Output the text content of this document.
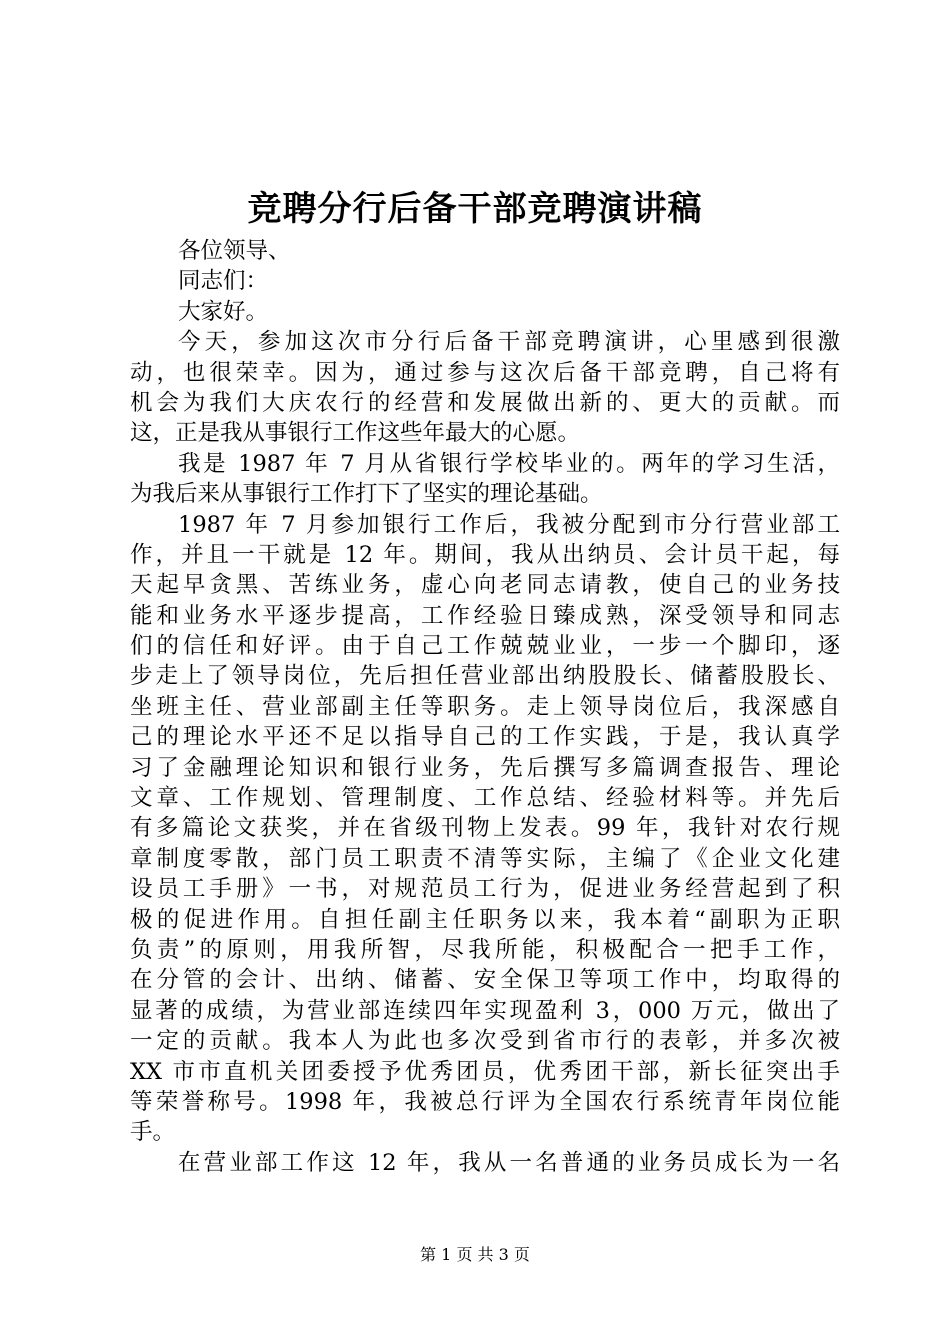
竞聘分行后备干部竞聘演讲稿
各位领导、
同志们：
大家好。
今天，参加这次市分行后备干部竞聘演讲，心里感到很激
动，也很荣幸。因为，通过参与这次后备干部竞聘，自己将有
机会为我们大庆农行的经营和发展做出新的、更大的贡献。而
这，正是我从事银行工作这些年最大的心愿。
我是 1987 年 7 月从省银行学校毕业的。两年的学习生活，
为我后来从事银行工作打下了坚实的理论基础。
1987 年 7 月参加银行工作后，我被分配到市分行营业部工
作，并且一干就是 12 年。期间，我从出纳员、会计员干起，每
天起早贪黑、苦练业务，虚心向老同志请教，使自己的业务技
能和业务水平逐步提高，工作经验日臻成熟，深受领导和同志
们的信任和好评。由于自己工作兢兢业业，一步一个脚印，逐
步走上了领导岗位，先后担任营业部出纳股股长、储蓄股股长、
坐班主任、营业部副主任等职务。走上领导岗位后，我深感自
己的理论水平还不足以指导自己的工作实践，于是，我认真学
习了金融理论知识和银行业务，先后撰写多篇调查报告、理论
文章、工作规划、管理制度、工作总结、经验材料等。并先后
有多篇论文获奖，并在省级刊物上发表。99 年，我针对农行规
章制度零散，部门员工职责不清等实际，主编了《企业文化建
设员工手册》一书，对规范员工行为，促进业务经营起到了积
极的促进作用。自担任副主任职务以来，我本着“副职为正职
负责”的原则，用我所智，尽我所能，积极配合一把手工作，
在分管的会计、出纳、储蓄、安全保卫等项工作中，均取得的
显著的成绩，为营业部连续四年实现盈利 3，000 万元，做出了
一定的贡献。我本人为此也多次受到省市行的表彰，并多次被
XX 市市直机关团委授予优秀团员，优秀团干部，新长征突出手
等荣誉称号。1998 年，我被总行评为全国农行系统青年岗位能
手。
在营业部工作这 12 年，我从一名普通的业务员成长为一名
第 1 页 共 3 页
